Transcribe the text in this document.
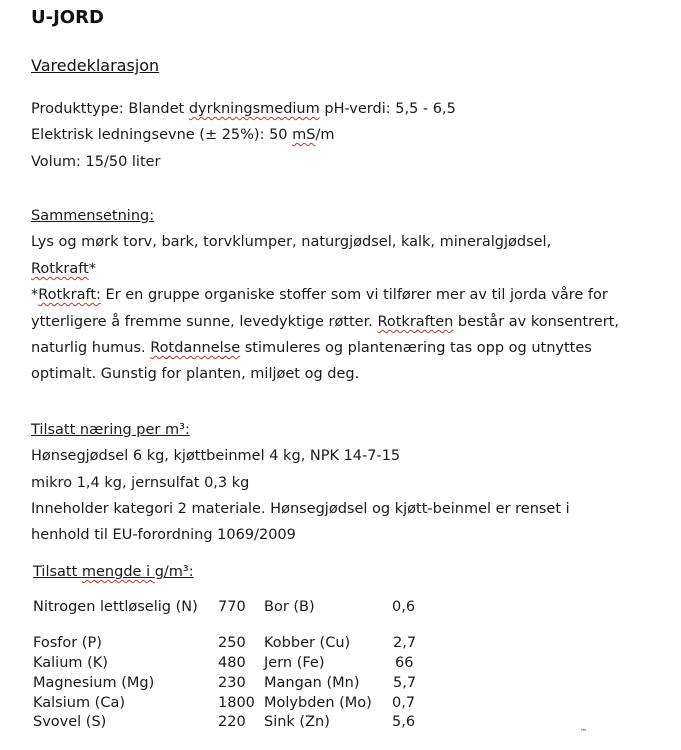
U-JORD
Varedeklarasjon
Produkttype: Blandet dyrkningsmedium pH-verdi: 5,5 - 6,5
Elektrisk ledningsevne (± 25%): 50 mS/m
Volum: 15/50 liter
Sammensetning:
Lys og mørk torv, bark, torvklumper, naturgjødsel, kalk, mineralgjødsel,
Rotkraft*
*Rotkraft: Er en gruppe organiske stoffer som vi tilfører mer av til jorda våre for
ytterligere å fremme sunne, levedyktige røtter. Rotkraften består av konsentrert,
naturlig humus. Rotdannelse stimuleres og plantenæring tas opp og utnyttes
optimalt. Gunstig for planten, miljøet og deg.
Tilsatt næring per m³:
Hønsegjødsel 6 kg, kjøttbeinmel 4 kg, NPK 14-7-15
mikro 1,4 kg, jernsulfat 0,3 kg
Inneholder kategori 2 materiale. Hønsegjødsel og kjøtt-beinmel er renset i
henhold til EU-forordning 1069/2009
Tilsatt mengde i g/m³:
Nitrogen lettløselig (N) 770 Bor (B)	0,6
Fosfor (P)	250 Kobber (Cu)	2,7
Kalium (K)	480 Jern (Fe)	66
Magnesium (Mg)	230 Mangan (Mn) 5,7
Kalsium (Ca)	1800 Molybden (Mo) 0,7
Svovel (S)	220 Sink (Zn)	5,6
™
